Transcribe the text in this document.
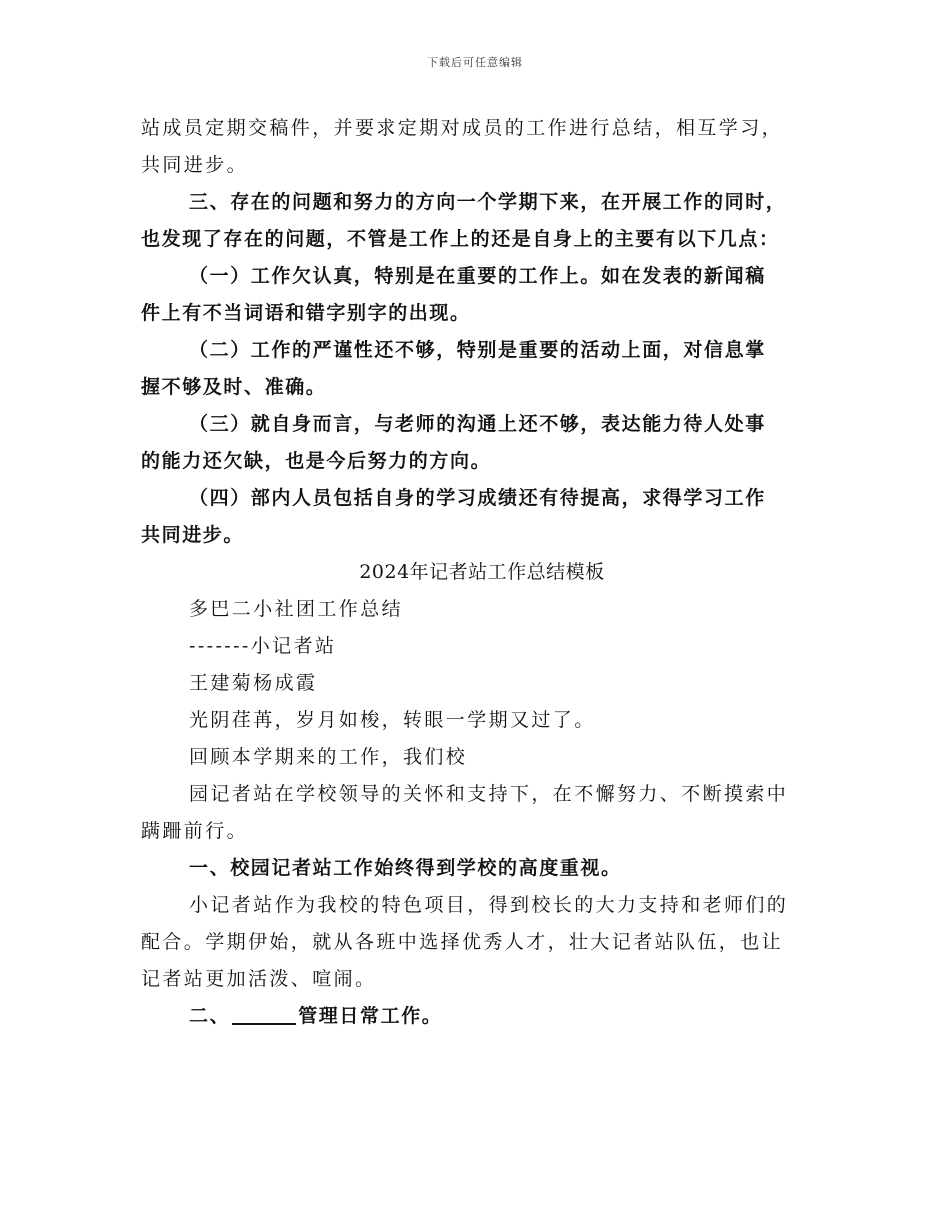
下载后可任意编辑

站成员定期交稿件，并要求定期对成员的工作进行总结，相互学习，
共同进步。

三、存在的问题和努力的方向一个学期下来，在开展工作的同时，
也发现了存在的问题，不管是工作上的还是自身上的主要有以下几点：

（一）工作欠认真，特别是在重要的工作上。如在发表的新闻稿
件上有不当词语和错字别字的出现。

（二）工作的严谨性还不够，特别是重要的活动上面，对信息掌
握不够及时、准确。

（三）就自身而言，与老师的沟通上还不够，表达能力待人处事
的能力还欠缺，也是今后努力的方向。

（四）部内人员包括自身的学习成绩还有待提高，求得学习工作
共同进步。

2024年记者站工作总结模板

多巴二小社团工作总结

-------小记者站

王建菊杨成霞

光阴荏苒，岁月如梭，转眼一学期又过了。

回顾本学期来的工作，我们校

园记者站在学校领导的关怀和支持下，在不懈努力、不断摸索中
蹒跚前行。

一、校园记者站工作始终得到学校的高度重视。

小记者站作为我校的特色项目，得到校长的大力支持和老师们的
配合。学期伊始，就从各班中选择优秀人才，壮大记者站队伍，也让
记者站更加活泼、喧闹。

二、	管理日常工作。
